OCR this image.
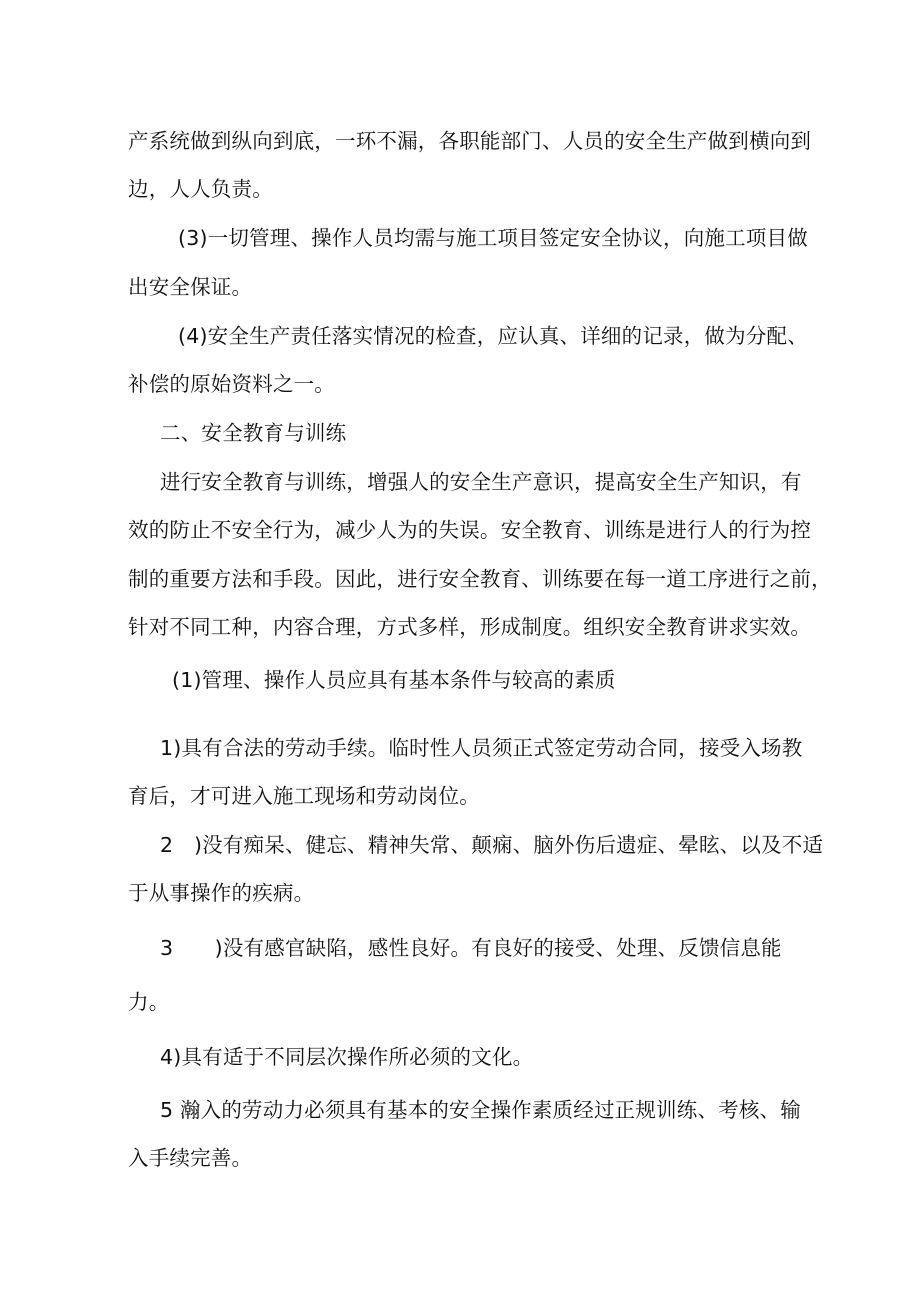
产系统做到纵向到底，一环不漏，各职能部门、人员的安全生产做到横向到
边，人人负责。
(3)一切管理、操作人员均需与施工项目签定安全协议，向施工项目做
出安全保证。
(4)安全生产责任落实情况的检查，应认真、详细的记录，做为分配、
补偿的原始资料之一。
二、安全教育与训练
进行安全教育与训练，增强人的安全生产意识，提高安全生产知识，有
效的防止不安全行为，减少人为的失误。安全教育、训练是进行人的行为控
制的重要方法和手段。因此，进行安全教育、训练要在每一道工序进行之前，
针对不同工种，内容合理，方式多样，形成制度。组织安全教育讲求实效。
(1)管理、操作人员应具有基本条件与较高的素质
1)具有合法的劳动手续。临时性人员须正式签定劳动合同，接受入场教
育后，才可进入施工现场和劳动岗位。
2　)没有痴呆、健忘、精神失常、颠痫、脑外伤后遗症、晕眩、以及不适
于从事操作的疾病。
3　　)没有感官缺陷，感性良好。有良好的接受、处理、反馈信息能
力。
4)具有适于不同层次操作所必须的文化。
5 瀚入的劳动力必须具有基本的安全操作素质经过正规训练、考核、输
入手续完善。
